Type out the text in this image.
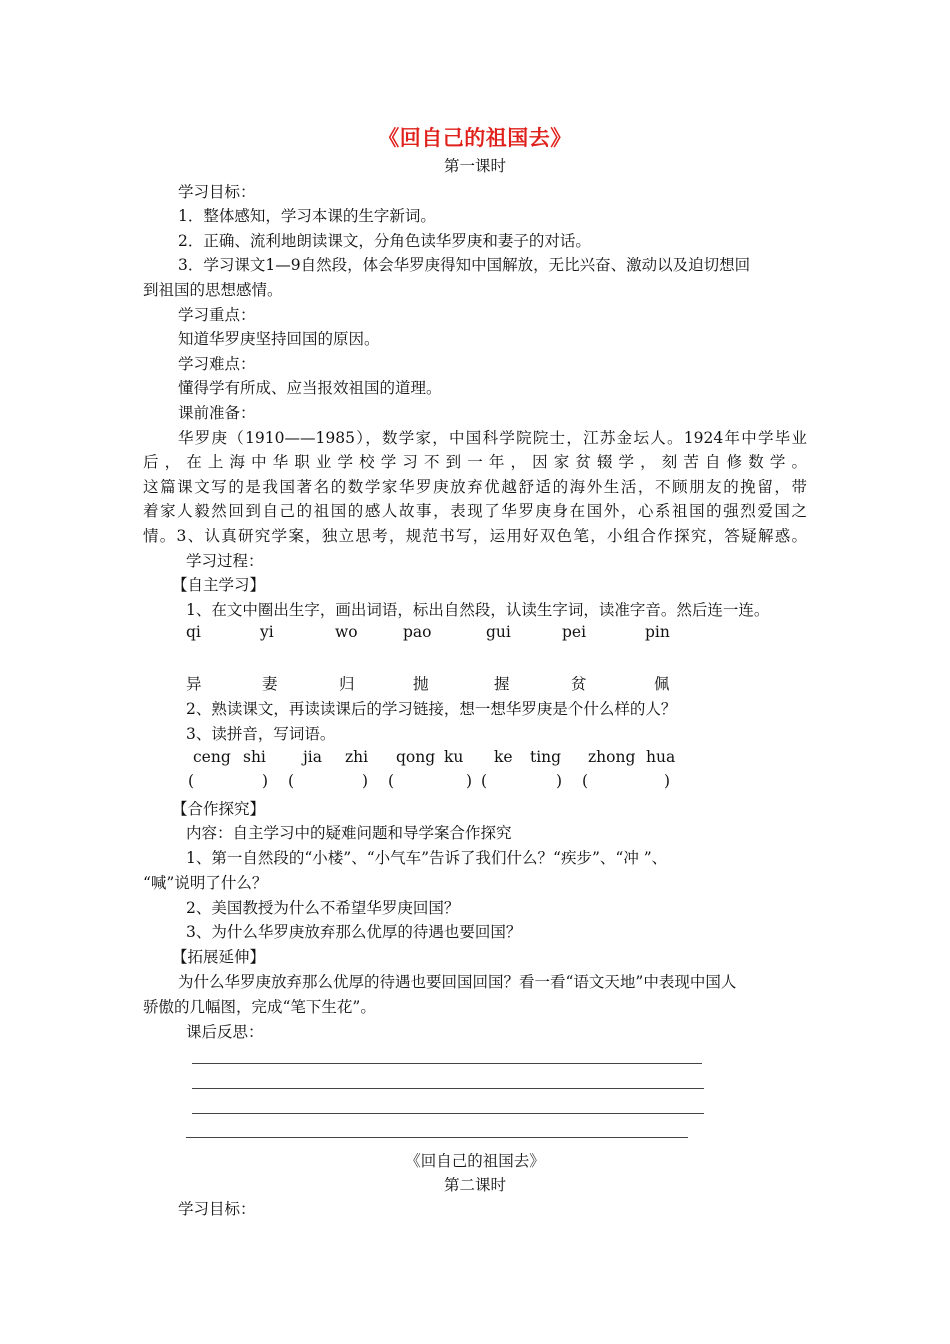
《回自己的祖国去》
第一课时
学习目标：
1．整体感知，学习本课的生字新词。
2．正确、流利地朗读课文，分角色读华罗庚和妻子的对话。
3．学习课文1—9自然段，体会华罗庚得知中国解放，无比兴奋、激动以及迫切想回
到祖国的思想感情。
学习重点：
知道华罗庚坚持回国的原因。
学习难点：
懂得学有所成、应当报效祖国的道理。
课前准备：
华罗庚（1910——1985），数学家，中国科学院院士，江苏金坛人。1924年中学毕业
后，在上海中华职业学校学习不到一年，因家贫辍学，刻苦自修数学。
这篇课文写的是我国著名的数学家华罗庚放弃优越舒适的海外生活，不顾朋友的挽留，带
着家人毅然回到自己的祖国的感人故事，表现了华罗庚身在国外，心系祖国的强烈爱国之
情。3、认真研究学案，独立思考，规范书写，运用好双色笔，小组合作探究，答疑解惑。
学习过程：
【自主学习】
1、在文中圈出生字，画出词语，标出自然段，认读生字词，读准字音。然后连一连。
qi	yi	wo	pao	gui	pei	pin
异	妻	归	抛	握	贫	佩
2、熟读课文，再读读课后的学习链接，想一想华罗庚是个什么样的人？
3、读拼音，写词语。
ceng shi jia zhi qong ku ke ting zhong hua
(	) (	) (	) (	) (	)
【合作探究】
内容：自主学习中的疑难问题和导学案合作探究
1、第一自然段的“小楼”、“小气车”告诉了我们什么？“疾步”、“冲 ”、
“喊”说明了什么？
2、美国教授为什么不希望华罗庚回国？
3、为什么华罗庚放弃那么优厚的待遇也要回国？
【拓展延伸】
为什么华罗庚放弃那么优厚的待遇也要回国回国？看一看“语文天地”中表现中国人
骄傲的几幅图，完成“笔下生花”。
课后反思：
《回自己的祖国去》
第二课时
学习目标：
